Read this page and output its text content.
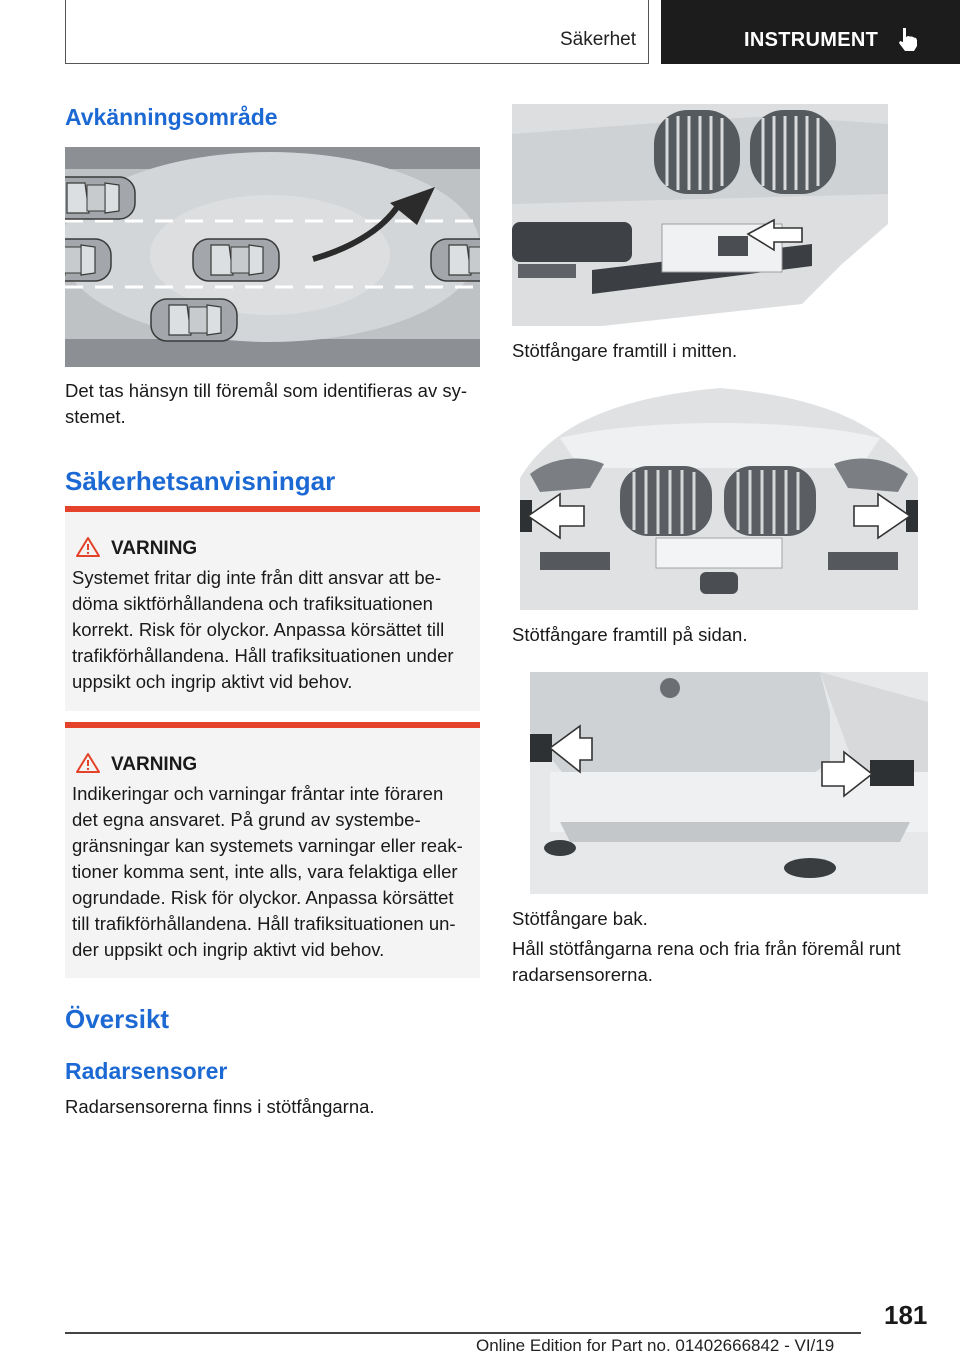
Säkerhet	INSTRUMENT
Avkänningsområde
Det tas hänsyn till föremål som identifieras av sy-
stemet.
Säkerhetsanvisningar
VARNING
Systemet fritar dig inte från ditt ansvar att be-
döma siktförhållandena och trafiksituationen
korrekt. Risk för olyckor. Anpassa körsättet till
trafikförhållandena. Håll trafiksituationen under
uppsikt och ingrip aktivt vid behov.
VARNING
Indikeringar och varningar fråntar inte föraren
det egna ansvaret. På grund av systembe-
gränsningar kan systemets varningar eller reak-
tioner komma sent, inte alls, vara felaktiga eller
ogrundade. Risk för olyckor. Anpassa körsättet
till trafikförhållandena. Håll trafiksituationen un-
der uppsikt och ingrip aktivt vid behov.
Översikt
Radarsensorer
Radarsensorerna finns i stötfångarna.
Stötfångare framtill i mitten.
Stötfångare framtill på sidan.
Stötfångare bak.
Håll stötfångarna rena och fria från föremål runt
radarsensorerna.
181
Online Edition for Part no. 01402666842 - VI/19
